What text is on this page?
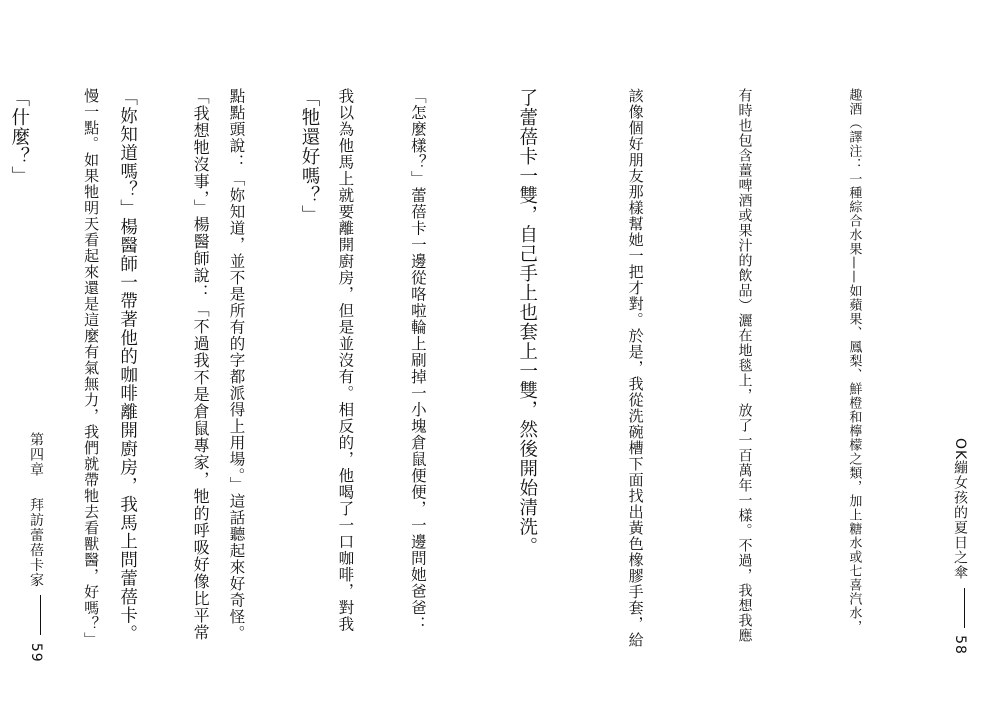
趣酒（譯注：一種綜合水果——如蘋果、鳳梨、鮮橙和檸檬之類，加上糖水或七喜汽水，

有時也包含薑啤酒或果汁的飲品）灑在地毯上，放了一百萬年一樣。不過，我想我應

該像個好朋友那樣幫她一把才對。於是，我從洗碗槽下面找出黃色橡膠手套，給

了蕾蓓卡一雙，自己手上也套上一雙，然後開始清洗。

「怎麼樣？」蕾蓓卡一邊從咯啦輪上刷掉一小塊倉鼠便便，一邊問她爸爸：

「牠還好嗎？」

「我想牠沒事，」楊醫師說：「不過我不是倉鼠專家，牠的呼吸好像比平常

慢一點。如果牠明天看起來還是這麼有氣無力，我們就帶牠去看獸醫，好嗎？」

	OK繃女孩的夏日之傘  58

我以為他馬上就要離開廚房，但是並沒有。相反的，他喝了一口咖啡，對我

點點頭說：「妳知道，並不是所有的字都派得上用場。」這話聽起來好奇怪。

「妳知道嗎？」楊醫師一帶著他的咖啡離開廚房，我馬上問蕾蓓卡。

「什麼？」

第四章  拜訪蕾蓓卡家  59
